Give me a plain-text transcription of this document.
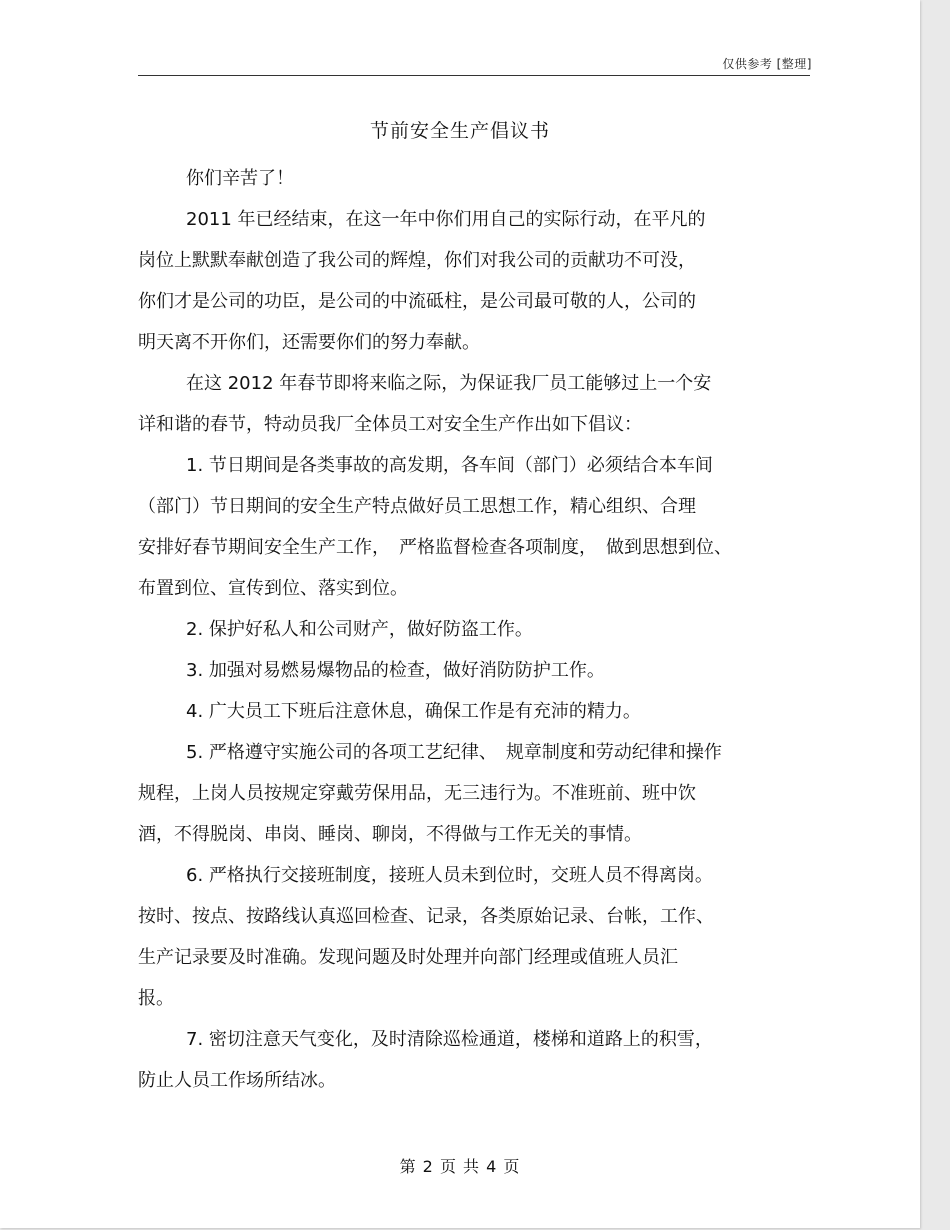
仅供参考 [整理]
节前安全生产倡议书
你们辛苦了！
2011 年已经结束，在这一年中你们用自己的实际行动，在平凡的
岗位上默默奉献创造了我公司的辉煌，你们对我公司的贡献功不可没，
你们才是公司的功臣，是公司的中流砥柱，是公司最可敬的人，公司的
明天离不开你们，还需要你们的努力奉献。
在这 2012 年春节即将来临之际，为保证我厂员工能够过上一个安
详和谐的春节，特动员我厂全体员工对安全生产作出如下倡议：
1. 节日期间是各类事故的高发期，各车间（部门）必须结合本车间
（部门）节日期间的安全生产特点做好员工思想工作，精心组织、合理
安排好春节期间安全生产工作，　严格监督检查各项制度，　做到思想到位、
布置到位、宣传到位、落实到位。
2. 保护好私人和公司财产，做好防盗工作。
3. 加强对易燃易爆物品的检查，做好消防防护工作。
4. 广大员工下班后注意休息，确保工作是有充沛的精力。
5. 严格遵守实施公司的各项工艺纪律、　规章制度和劳动纪律和操作
规程，上岗人员按规定穿戴劳保用品，无三违行为。不准班前、班中饮
酒，不得脱岗、串岗、睡岗、聊岗，不得做与工作无关的事情。
6. 严格执行交接班制度，接班人员未到位时，交班人员不得离岗。
按时、按点、按路线认真巡回检查、记录，各类原始记录、台帐，工作、
生产记录要及时准确。发现问题及时处理并向部门经理或值班人员汇
报。
7. 密切注意天气变化，及时清除巡检通道，楼梯和道路上的积雪，
防止人员工作场所结冰。
第 2 页 共 4 页
